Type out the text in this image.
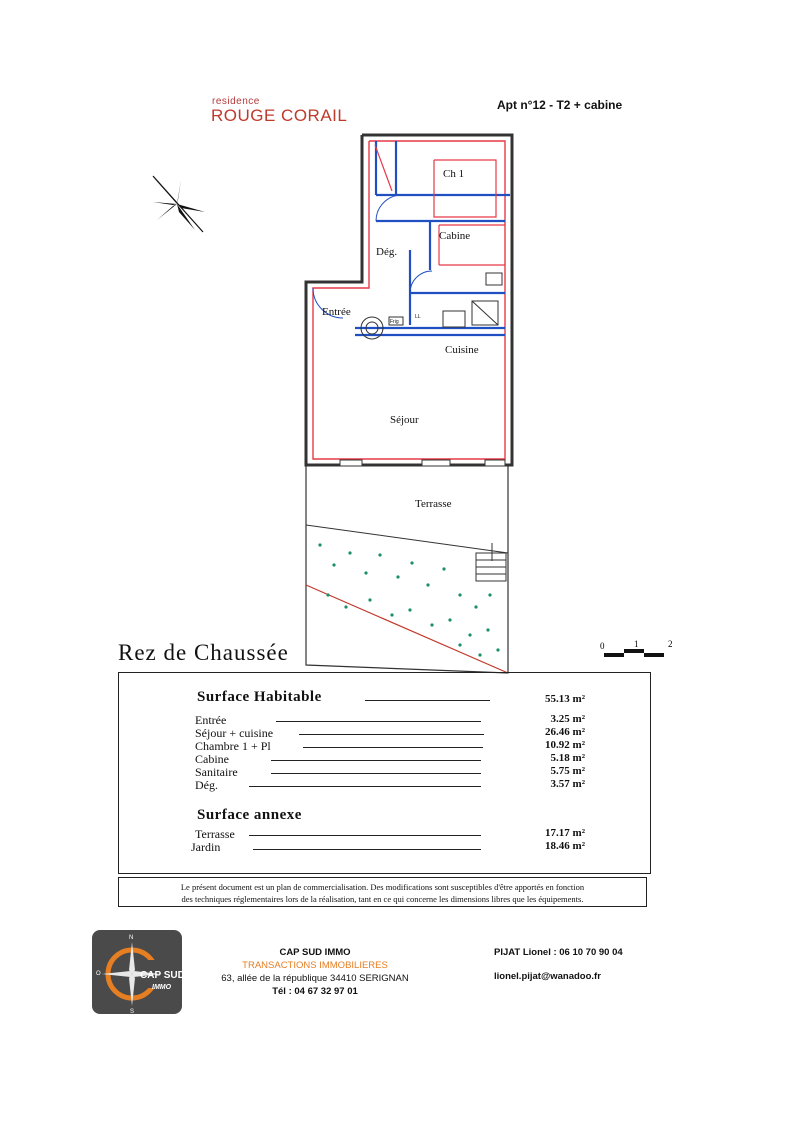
residence
ROUGE CORAIL
Apt n°12 - T2 + cabine
Ch 1
Cabine
Dég.
Entrée
Cuisine
Séjour
Terrasse
Frig
LL
Rez de Chaussée	0	1	2
Surface Habitable	55.13 m²
Entrée	3.25 m²
Séjour + cuisine	26.46 m²
Chambre 1 + Pl	10.92 m²
Cabine	5.18 m²
Sanitaire	5.75 m²
Dég.	3.57 m²
Surface annexe
Terrasse	17.17 m²
Jardin	18.46 m²
Le présent document est un plan de commercialisation. Des modifications sont susceptibles d'être apportés en fonction
des techniques réglementaires lors de la réalisation, tant en ce qui concerne les dimensions libres que les équipements.
N
O
S
CAP SUD
IMMO
CAP SUD IMMO
TRANSACTIONS IMMOBILIERES
63, allée de la république 34410 SERIGNAN
Tél : 04 67 32 97 01
PIJAT Lionel : 06 10 70 90 04
lionel.pijat@wanadoo.fr
